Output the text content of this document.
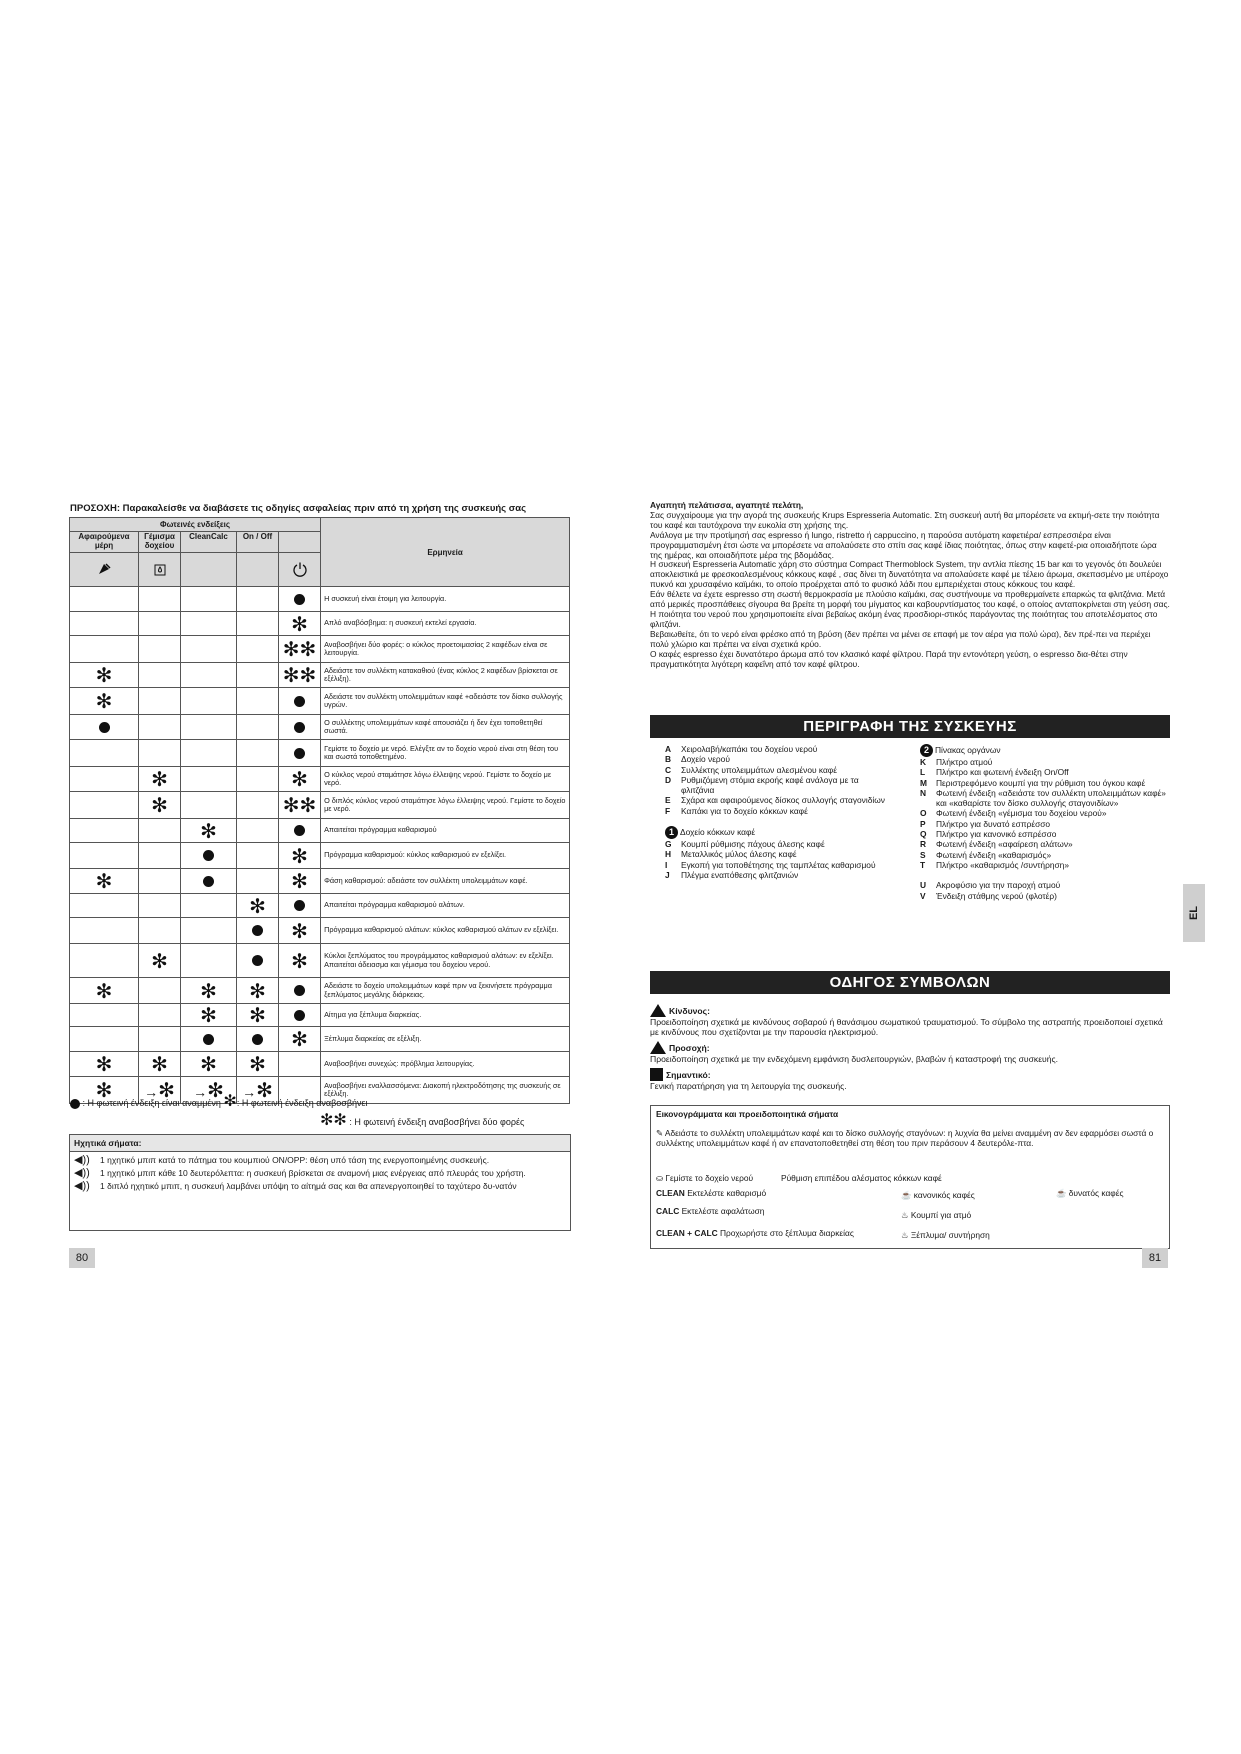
ΠΡΟΣΟΧΗ: Παρακαλείσθε να διαβάσετε τις οδηγίες ασφαλείας πριν από τη χρήση της συσκευής σας
Φωτεινές ενδείξεις					Ερμηνεία
Αφαιρούμενα μέρη	Γέμισμα δοχείου	CleanCalc	On / Off		

					Η συσκευή είναι έτοιμη για λειτουργία.
				✻	Απλό αναβόσβημα: η συσκευή εκτελεί εργασία.
				✻✻	Αναβοσβήνει δύο φορές: ο κύκλος προετοιμασίας 2 καφέδων είναι σε λειτουργία.
✻				✻✻	Αδειάστε τον συλλέκτη κατακαθιού (ένας κύκλος 2 καφέδων βρίσκεται σε εξέλιξη).
✻					Αδειάστε τον συλλέκτη υπολειμμάτων καφέ +αδειάστε τον δίσκο συλλογής υγρών.
					Ο συλλέκτης υπολειμμάτων καφέ απουσιάζει ή δεν έχει τοποθετηθεί σωστά.
					Γεμίστε το δοχείο με νερό. Ελέγξτε αν το δοχείο νερού είναι στη θέση του και σωστά τοποθετημένο.
	✻			✻	Ο κύκλος νερού σταμάτησε λόγω έλλειψης νερού. Γεμίστε το δοχείο με νερό.
	✻			✻✻	Ο διπλός κύκλος νερού σταμάτησε λόγω έλλειψης νερού. Γεμίστε το δοχείο με νερό.
		✻			Απαιτείται πρόγραμμα καθαρισμού
				✻	Πρόγραμμα καθαρισμού: κύκλος καθαρισμού εν εξελίξει.
✻				✻	Φάση καθαρισμού: αδειάστε τον συλλέκτη υπολειμμάτων καφέ.
			✻		Απαιτείται πρόγραμμα καθαρισμού αλάτων.
				✻	Πρόγραμμα καθαρισμού αλάτων: κύκλος καθαρισμού αλάτων εν εξελίξει.
	✻			✻	Κύκλοι ξεπλύματος του προγράμματος καθαρισμού αλάτων: εν εξελίξει. Απαιτείται άδειασμα και γέμισμα του δοχείου νερού.
✻		✻	✻		Αδειάστε το δοχείο υπολειμμάτων καφέ πριν να ξεκινήσετε πρόγραμμα ξεπλύματος μεγάλης διάρκειας.
		✻	✻		Αίτημα για ξέπλυμα διαρκείας.
				✻	Ξέπλυμα διαρκείας σε εξέλιξη.
✻	✻	✻	✻		Αναβοσβήνει συνεχώς: πρόβλημα λειτουργίας.
✻	→✻	→✻	→✻		Αναβοσβήνει εναλλασσόμενα: Διακοπή ηλεκτροδότησης της συσκευής σε εξέλιξη.
: Η φωτεινή ένδειξη είναι αναμμένη ✻: Η φωτεινή ένδειξη αναβοσβήνει
✻✻ : Η φωτεινή ένδειξη αναβοσβήνει δύο φορές
Ηχητικά σήματα:
◀))	1 ηχητικό μπιπ κατά το πάτημα του κουμπιού ON/OPP: θέση υπό τάση της ενεργοποιημένης συσκευής.
◀))	1 ηχητικό μπιπ κάθε 10 δευτερόλεπτα: η συσκευή βρίσκεται σε αναμονή μιας ενέργειας από πλευράς του χρήστη.
◀))	1 διπλό ηχητικό μπιπ, η συσκευή λαμβάνει υπόψη το αίτημά σας και θα απενεργοποιηθεί το ταχύτερο δυ-νατόν
80
Αγαπητή πελάτισσα, αγαπητέ πελάτη,

Σας συγχαίρουμε για την αγορά της συσκευής Krups Espresseria Automatic. Στη συσκευή αυτή θα μπορέσετε να εκτιμή-σετε την ποιότητα του καφέ και ταυτόχρονα την ευκολία στη χρήσης της.

Ανάλογα με την προτίμησή σας espresso ή lungo, ristretto ή cappuccino, η παρούσα αυτόματη καφετιέρα/ εσπρεσσιέρα είναι προγραμματισμένη έτσι ώστε να μπορέσετε να απολαύσετε στο σπίτι σας καφέ ίδιας ποιότητας, όπως στην καφετέ-ρια οποιαδήποτε ώρα της ημέρας, και οποιαδήποτε μέρα της βδομάδας.

Η συσκευή Espresseria Automatic χάρη στο σύστημα Compact Thermoblock System, την αντλία πίεσης 15 bar και το γεγονός ότι δουλεύει αποκλειστικά με φρεσκοαλεσμένους κόκκους καφέ , σας δίνει τη δυνατότητα να απολαύσετε καφέ με τέλειο άρωμα, σκεπασμένο με υπέροχο πυκνό και χρυσαφένιο καϊμάκι, το οποίο προέρχεται από το φυσικό λάδι που εμπεριέχεται στους κόκκους του καφέ.

Εάν θέλετε να έχετε espresso στη σωστή θερμοκρασία με πλούσιο καϊμάκι, σας συστήνουμε να προθερμαίνετε επαρκώς τα φλιτζάνια. Μετά από μερικές προσπάθειες σίγουρα θα βρείτε τη μορφή του μίγματος και καβουρντίσματος του καφέ, ο οποίος ανταποκρίνεται στη γεύση σας. Η ποιότητα του νερού που χρησιμοποιείτε είναι βεβαίως ακόμη ένας προσδιορι-στικός παράγοντας της ποιότητας του αποτελέσματος στο φλιτζάνι.

Βεβαιωθείτε, ότι το νερό είναι φρέσκο από τη βρύση (δεν πρέπει να μένει σε επαφή με τον αέρα για πολύ ώρα), δεν πρέ-πει να περιέχει πολύ χλώριο και πρέπει να είναι σχετικά κρύο.

Ο καφές espresso έχει δυνατότερο άρωμα από τον κλασικό καφέ φίλτρου. Παρά την εντονότερη γεύση, ο espresso δια-θέτει στην πραγματικότητα λιγότερη καφεΐνη από τον καφέ φίλτρου.

ΠΕΡΙΓΡΑΦΗ ΤΗΣ ΣΥΣΚΕΥΗΣ
A	Χειρολαβή/καπάκι του δοχείου νερού
B	Δοχείο νερού
C	Συλλέκτης υπολειμμάτων αλεσμένου καφέ
D	Ρυθμιζόμενη στόμια εκροής καφέ ανάλογα με τα φλιτζάνια
E	Σχάρα και αφαιρούμενος δίσκος συλλογής σταγονιδίων
F	Καπάκι για το δοχείο κόκκων καφέ
1 Δοχείο κόκκων καφέ
G	Κουμπί ρύθμισης πάχους άλεσης καφέ
H	Μεταλλικός μύλος άλεσης καφέ
I	Εγκοπή για τοποθέτησης της ταμπλέτας καθαρισμού
J	Πλέγμα εναπόθεσης φλιτζανιών
2 Πίνακας οργάνων
K	Πλήκτρο ατμού
L	Πλήκτρο και φωτεινή ένδειξη On/Off
M	Περιστρεφόμενο κουμπί για την ρύθμιση του όγκου καφέ
N	Φωτεινή ένδειξη «αδειάστε τον συλλέκτη υπολειμμάτων καφέ» και «καθαρίστε τον δίσκο συλλογής σταγονιδίων»
O	Φωτεινή ένδειξη «γέμισμα του δοχείου νερού»
P	Πλήκτρο για δυνατό εσπρέσσο
Q	Πλήκτρο για κανονικό εσπρέσσο
R	Φωτεινή ένδειξη «αφαίρεση αλάτων»
S	Φωτεινή ένδειξη «καθαρισμός»
T	Πλήκτρο «καθαρισμός /συντήρηση»
U	Ακροφύσιο για την παροχή ατμού
V	Ένδειξη στάθμης νερού (φλοτέρ)
EL
ΟΔΗΓΟΣ ΣΥΜΒΟΛΩΝ
Κίνδυνος:
Προειδοποίηση σχετικά με κινδύνους σοβαρού ή θανάσιμου σωματικού τραυματισμού. Το σύμβολο της αστραπής προειδοποιεί σχετικά με κινδύνους που σχετίζονται με την παρουσία ηλεκτρισμού.
Προσοχή:
Προειδοποίηση σχετικά με την ενδεχόμενη εμφάνιση δυσλειτουργιών, βλαβών ή καταστροφή της συσκευής.
Σημαντικό:
Γενική παρατήρηση για τη λειτουργία της συσκευής.
Εικονογράμματα και προειδοποιητικά σήματα
✎ Αδειάστε το συλλέκτη υπολειμμάτων καφέ και το δίσκο συλλογής σταγόνων: η λυχνία θα μείνει αναμμένη αν δεν εφαρμόσει σωστά ο συλλέκτης υπολειμμάτων καφέ ή αν επανατοποθετηθεί στη θέση του πριν περάσουν 4 δευτερόλε-πτα.
⛀ Γεμίστε το δοχείο νερού	Ρύθμιση επιπέδου αλέσματος κόκκων καφέ
CLEAN Εκτελέστε καθαρισμό	☕ κανονικός καφές	☕ δυνατός καφές
CALC Εκτελέστε αφαλάτωση	♨ Κουμπί για ατμό
CLEAN + CALC Προχωρήστε στο ξέπλυμα διαρκείας	♨ Ξέπλυμα/ συντήρηση
81
